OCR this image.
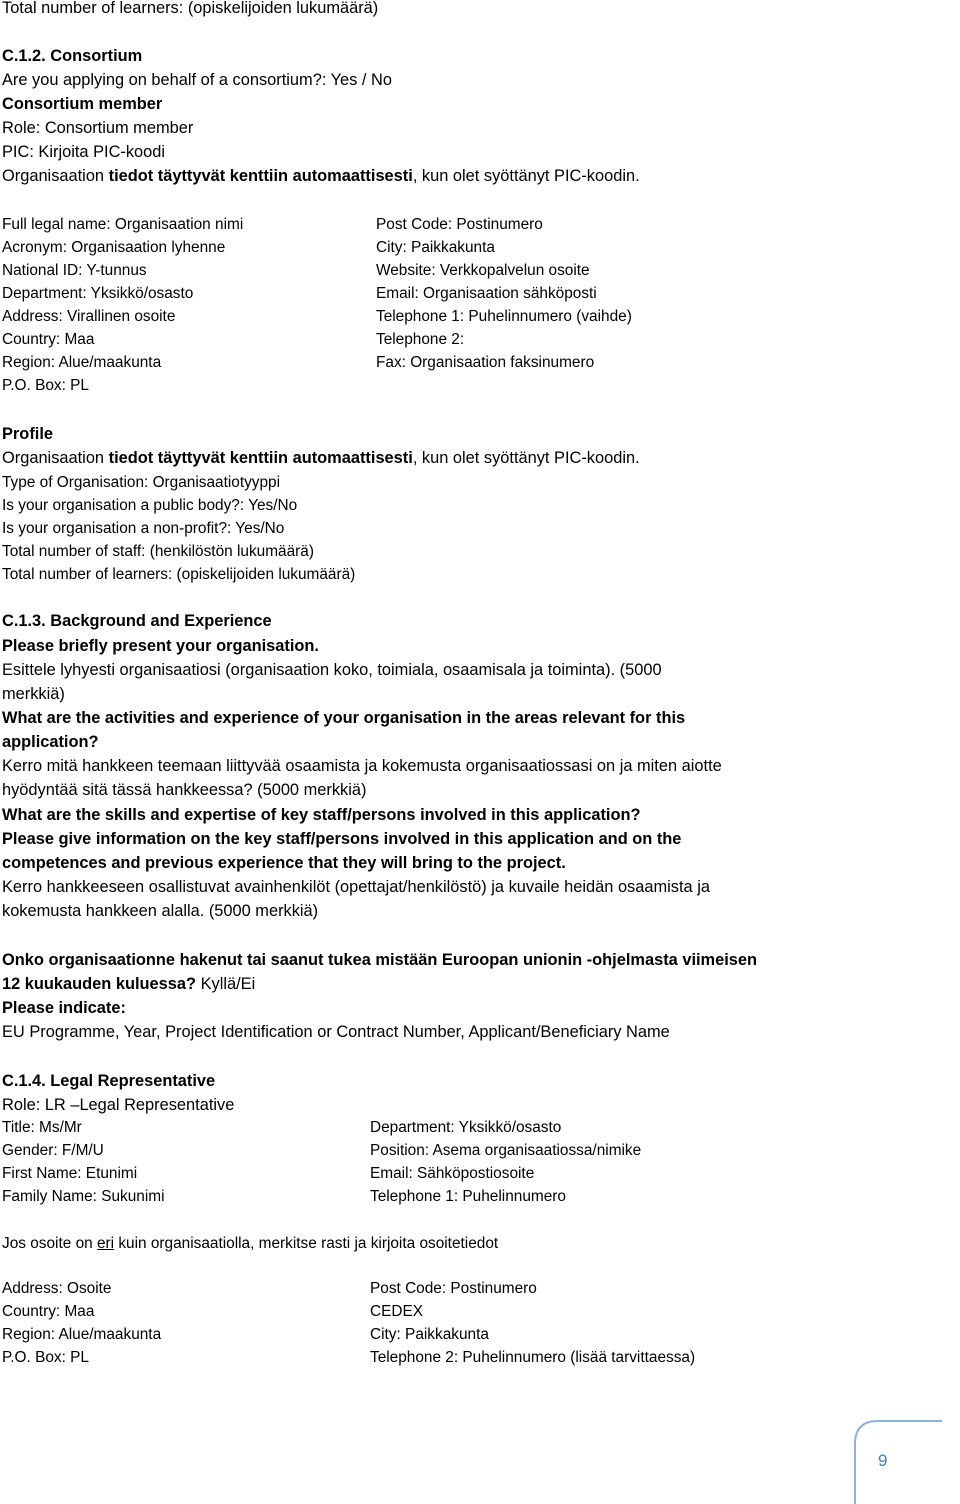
Total number of learners: (opiskelijoiden lukumäärä)
C.1.2. Consortium
Are you applying on behalf of a consortium?: Yes / No
Consortium member
Role: Consortium member
PIC: Kirjoita PIC-koodi
Organisaation tiedot täyttyvät kenttiin automaattisesti, kun olet syöttänyt PIC-koodin.
Full legal name: Organisaation nimi
Acronym: Organisaation lyhenne
National ID: Y-tunnus
Department: Yksikkö/osasto
Address: Virallinen osoite
Country: Maa
Region: Alue/maakunta
P.O. Box: PL
Post Code: Postinumero
City: Paikkakunta
Website: Verkkopalvelun osoite
Email: Organisaation sähköposti
Telephone 1: Puhelinnumero (vaihde)
Telephone 2:
Fax: Organisaation faksinumero
Profile
Organisaation tiedot täyttyvät kenttiin automaattisesti, kun olet syöttänyt PIC-koodin.
Type of Organisation: Organisaatiotyyppi
Is your organisation a public body?: Yes/No
Is your organisation a non-profit?: Yes/No
Total number of staff: (henkilöstön lukumäärä)
Total number of learners: (opiskelijoiden lukumäärä)
C.1.3. Background and Experience
Please briefly present your organisation.
Esittele lyhyesti organisaatiosi (organisaation koko, toimiala, osaamisala ja toiminta). (5000
merkkiä)
What are the activities and experience of your organisation in the areas relevant for this
application?
Kerro mitä hankkeen teemaan liittyvää osaamista ja kokemusta organisaatiossasi on ja miten aiotte
hyödyntää sitä tässä hankkeessa? (5000 merkkiä)
What are the skills and expertise of key staff/persons involved in this application?
Please give information on the key staff/persons involved in this application and on the
competences and previous experience that they will bring to the project.
Kerro hankkeeseen osallistuvat avainhenkilöt (opettajat/henkilöstö) ja kuvaile heidän osaamista ja
kokemusta hankkeen alalla. (5000 merkkiä)
Onko organisaationne hakenut tai saanut tukea mistään Euroopan unionin -ohjelmasta viimeisen
12 kuukauden kuluessa? Kyllä/Ei
Please indicate:
EU Programme, Year, Project Identification or Contract Number, Applicant/Beneficiary Name
C.1.4. Legal Representative
Role: LR –Legal Representative
Title: Ms/Mr
Gender: F/M/U
First Name: Etunimi
Family Name: Sukunimi
Department: Yksikkö/osasto
Position: Asema organisaatiossa/nimike
Email: Sähköpostiosoite
Telephone 1: Puhelinnumero
Jos osoite on eri kuin organisaatiolla, merkitse rasti ja kirjoita osoitetiedot
Address: Osoite
Country: Maa
Region: Alue/maakunta
P.O. Box: PL
Post Code: Postinumero
CEDEX
City: Paikkakunta
Telephone 2: Puhelinnumero (lisää tarvittaessa)
9
